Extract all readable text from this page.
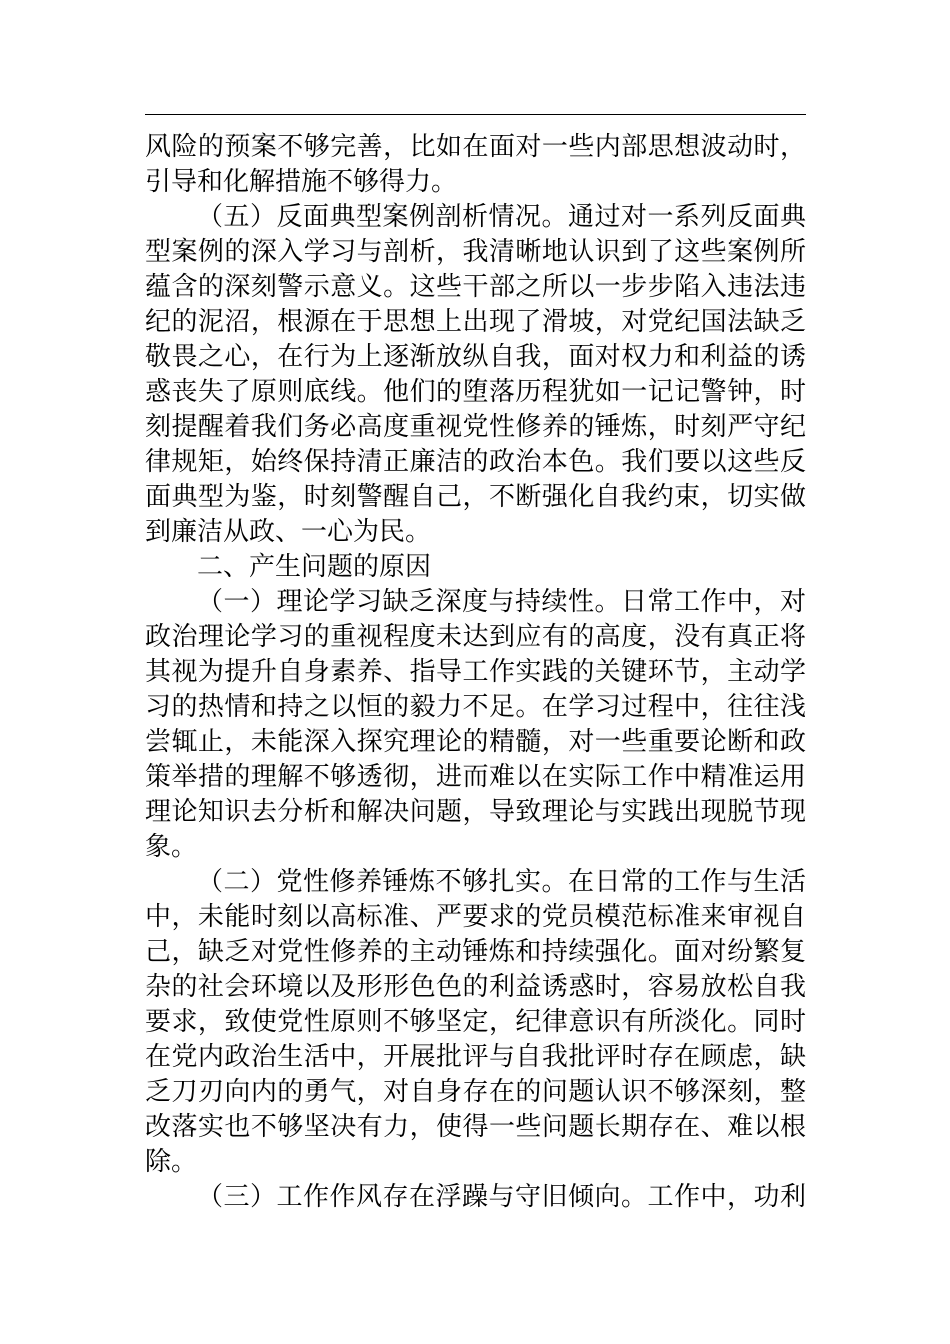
风险的预案不够完善，比如在面对一些内部思想波动时，
引导和化解措施不够得力。
（五）反面典型案例剖析情况。通过对一系列反面典
型案例的深入学习与剖析，我清晰地认识到了这些案例所
蕴含的深刻警示意义。这些干部之所以一步步陷入违法违
纪的泥沼，根源在于思想上出现了滑坡，对党纪国法缺乏
敬畏之心，在行为上逐渐放纵自我，面对权力和利益的诱
惑丧失了原则底线。他们的堕落历程犹如一记记警钟，时
刻提醒着我们务必高度重视党性修养的锤炼，时刻严守纪
律规矩，始终保持清正廉洁的政治本色。我们要以这些反
面典型为鉴，时刻警醒自己，不断强化自我约束，切实做
到廉洁从政、一心为民。
二、产生问题的原因
（一）理论学习缺乏深度与持续性。日常工作中，对
政治理论学习的重视程度未达到应有的高度，没有真正将
其视为提升自身素养、指导工作实践的关键环节，主动学
习的热情和持之以恒的毅力不足。在学习过程中，往往浅
尝辄止，未能深入探究理论的精髓，对一些重要论断和政
策举措的理解不够透彻，进而难以在实际工作中精准运用
理论知识去分析和解决问题，导致理论与实践出现脱节现
象。
（二）党性修养锤炼不够扎实。在日常的工作与生活
中，未能时刻以高标准、严要求的党员模范标准来审视自
己，缺乏对党性修养的主动锤炼和持续强化。面对纷繁复
杂的社会环境以及形形色色的利益诱惑时，容易放松自我
要求，致使党性原则不够坚定，纪律意识有所淡化。同时
在党内政治生活中，开展批评与自我批评时存在顾虑，缺
乏刀刃向内的勇气，对自身存在的问题认识不够深刻，整
改落实也不够坚决有力，使得一些问题长期存在、难以根
除。
（三）工作作风存在浮躁与守旧倾向。工作中，功利
